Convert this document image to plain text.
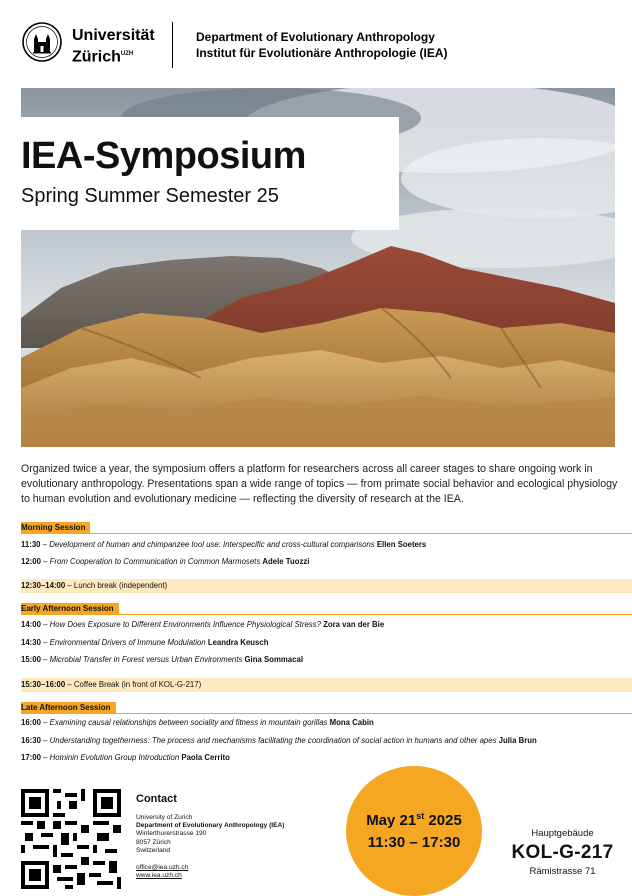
Universität
Zürich$^{UZH}$
Department of Evolutionary Anthropology
Institut für Evolutionäre Anthropologie (IEA)
IEA-Symposium
Spring Summer Semester 25

Organized twice a year, the symposium offers a platform for researchers across all career stages to share ongoing work in evolutionary anthropology. Presentations span a wide range of topics — from primate social behavior and ecological physiology to human evolution and evolutionary medicine — reflecting the diversity of research at the IEA.

Morning Session
11:30 – Development of human and chimpanzee tool use: Interspecific and cross-cultural comparisons Ellen Soeters
12:00 – From Cooperation to Communication in Common Marmosets Adele Tuozzi
12:30–14:00 – Lunch break (independent)
Early Afternoon Session
14:00 – How Does Exposure to Different Environments Influence Physiological Stress? Zora van der Bie
14:30 – Environmental Drivers of Immune Modulation Leandra Keusch
15:00 – Microbial Transfer in Forest versus Urban Environments Gina Sommacal
15:30–16:00 – Coffee Break (in front of KOL-G-217)
Late Afternoon Session
16:00 – Examining causal relationships between sociality and fitness in mountain gorillas Mona Cabin
16:30 – Understanding togetherness: The process and mechanisms facilitating the coordination of social action in humans and other apes Julia Brun
17:00 – Hominin Evolution Group Introduction Paola Cerrito
Contact
University of Zurich
Department of Evolutionary Anthropology (IEA)
Winterthurerstrasse 190
8057 Zürich
Switzerland
office@iea.uzh.ch
www.iea.uzh.ch
May 21st 2025
11:30 – 17:30
Hauptgebäude
KOL-G-217
Rämistrasse 71
